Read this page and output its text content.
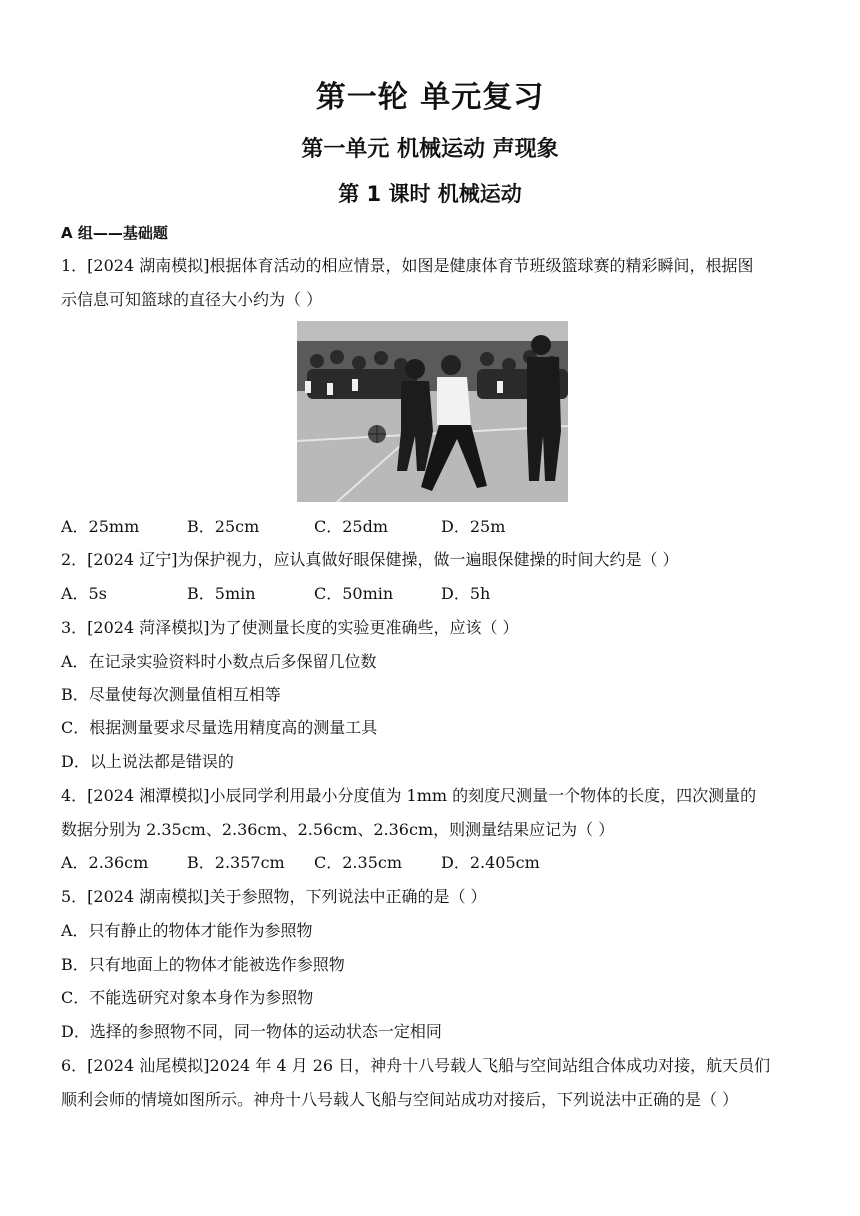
第一轮 单元复习
第一单元 机械运动 声现象
第 1 课时 机械运动
A 组——基础题
1．[2024 湖南模拟]根据体育活动的相应情景，如图是健康体育节班级篮球赛的精彩瞬间，根据图
示信息可知篮球的直径大小约为（ ）
A．25mm	B．25cm	C．25dm	D．25m
2．[2024 辽宁]为保护视力，应认真做好眼保健操，做一遍眼保健操的时间大约是（ ）
A．5s	B．5min	C．50min	D．5h
3．[2024 菏泽模拟]为了使测量长度的实验更准确些，应该（ ）
A．在记录实验资料时小数点后多保留几位数
B．尽量使每次测量值相互相等
C．根据测量要求尽量选用精度高的测量工具
D．以上说法都是错误的
4．[2024 湘潭模拟]小辰同学利用最小分度值为 1mm 的刻度尺测量一个物体的长度，四次测量的
数据分别为 2.35cm、2.36cm、2.56cm、2.36cm，则测量结果应记为（ ）
A．2.36cm B．2.357cm C．2.35cm D．2.405cm
5．[2024 湖南模拟]关于参照物，下列说法中正确的是（ ）
A．只有静止的物体才能作为参照物
B．只有地面上的物体才能被选作参照物
C．不能选研究对象本身作为参照物
D．选择的参照物不同，同一物体的运动状态一定相同
6．[2024 汕尾模拟]2024 年 4 月 26 日，神舟十八号载人飞船与空间站组合体成功对接，航天员们
顺利会师的情境如图所示。神舟十八号载人飞船与空间站成功对接后，下列说法中正确的是（ ）
